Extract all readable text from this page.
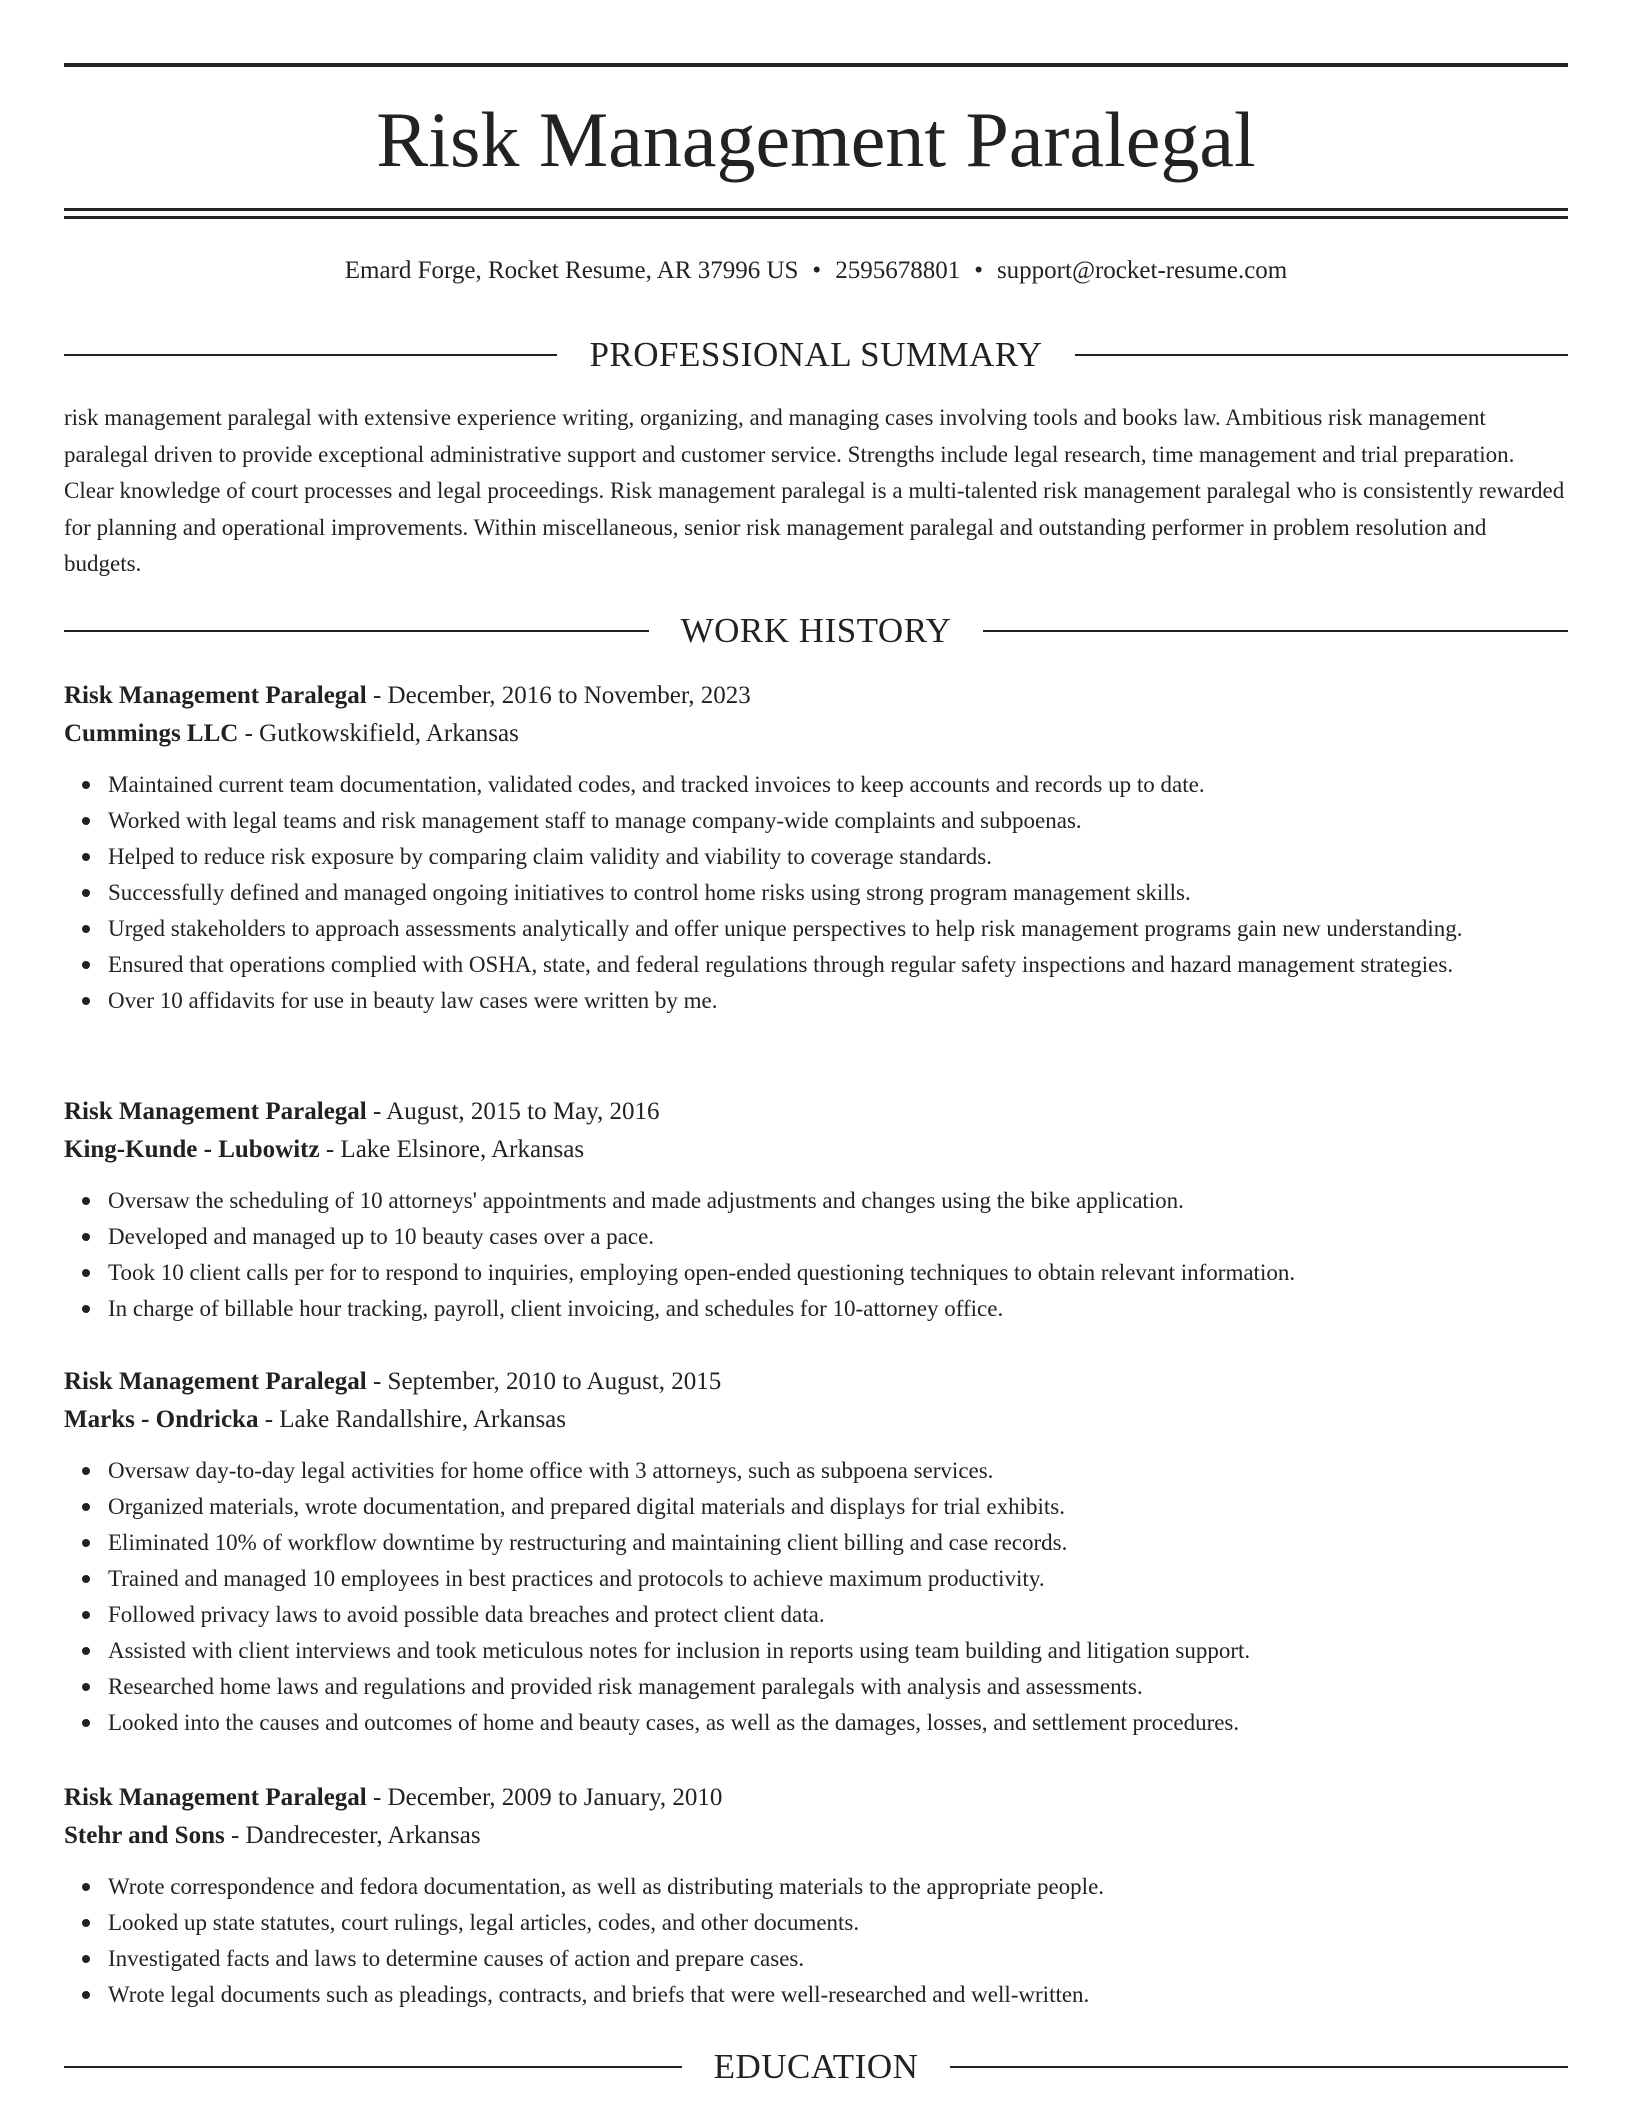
Risk Management Paralegal
Emard Forge, Rocket Resume, AR 37996 US • 2595678801 • support@rocket-resume.com
PROFESSIONAL SUMMARY

risk management paralegal with extensive experience writing, organizing, and managing cases involving tools and books law. Ambitious risk management paralegal driven to provide exceptional administrative support and customer service. Strengths include legal research, time management and trial preparation. Clear knowledge of court processes and legal proceedings. Risk management paralegal is a multi-talented risk management paralegal who is consistently rewarded for planning and operational improvements. Within miscellaneous, senior risk management paralegal and outstanding performer in problem resolution and budgets.

WORK HISTORY

Risk Management Paralegal - December, 2016 to November, 2023

Cummings LLC - Gutkowskifield, Arkansas

Maintained current team documentation, validated codes, and tracked invoices to keep accounts and records up to date.
Worked with legal teams and risk management staff to manage company-wide complaints and subpoenas.
Helped to reduce risk exposure by comparing claim validity and viability to coverage standards.
Successfully defined and managed ongoing initiatives to control home risks using strong program management skills.
Urged stakeholders to approach assessments analytically and offer unique perspectives to help risk management programs gain new understanding.
Ensured that operations complied with OSHA, state, and federal regulations through regular safety inspections and hazard management strategies.
Over 10 affidavits for use in beauty law cases were written by me.

Risk Management Paralegal - August, 2015 to May, 2016

King-Kunde - Lubowitz - Lake Elsinore, Arkansas

Oversaw the scheduling of 10 attorneys' appointments and made adjustments and changes using the bike application.
Developed and managed up to 10 beauty cases over a pace.
Took 10 client calls per for to respond to inquiries, employing open-ended questioning techniques to obtain relevant information.
In charge of billable hour tracking, payroll, client invoicing, and schedules for 10-attorney office.

Risk Management Paralegal - September, 2010 to August, 2015

Marks - Ondricka - Lake Randallshire, Arkansas

Oversaw day-to-day legal activities for home office with 3 attorneys, such as subpoena services.
Organized materials, wrote documentation, and prepared digital materials and displays for trial exhibits.
Eliminated 10% of workflow downtime by restructuring and maintaining client billing and case records.
Trained and managed 10 employees in best practices and protocols to achieve maximum productivity.
Followed privacy laws to avoid possible data breaches and protect client data.
Assisted with client interviews and took meticulous notes for inclusion in reports using team building and litigation support.
Researched home laws and regulations and provided risk management paralegals with analysis and assessments.
Looked into the causes and outcomes of home and beauty cases, as well as the damages, losses, and settlement procedures.

Risk Management Paralegal - December, 2009 to January, 2010

Stehr and Sons - Dandrecester, Arkansas

Wrote correspondence and fedora documentation, as well as distributing materials to the appropriate people.
Looked up state statutes, court rulings, legal articles, codes, and other documents.
Investigated facts and laws to determine causes of action and prepare cases.
Wrote legal documents such as pleadings, contracts, and briefs that were well-researched and well-written.
EDUCATION
